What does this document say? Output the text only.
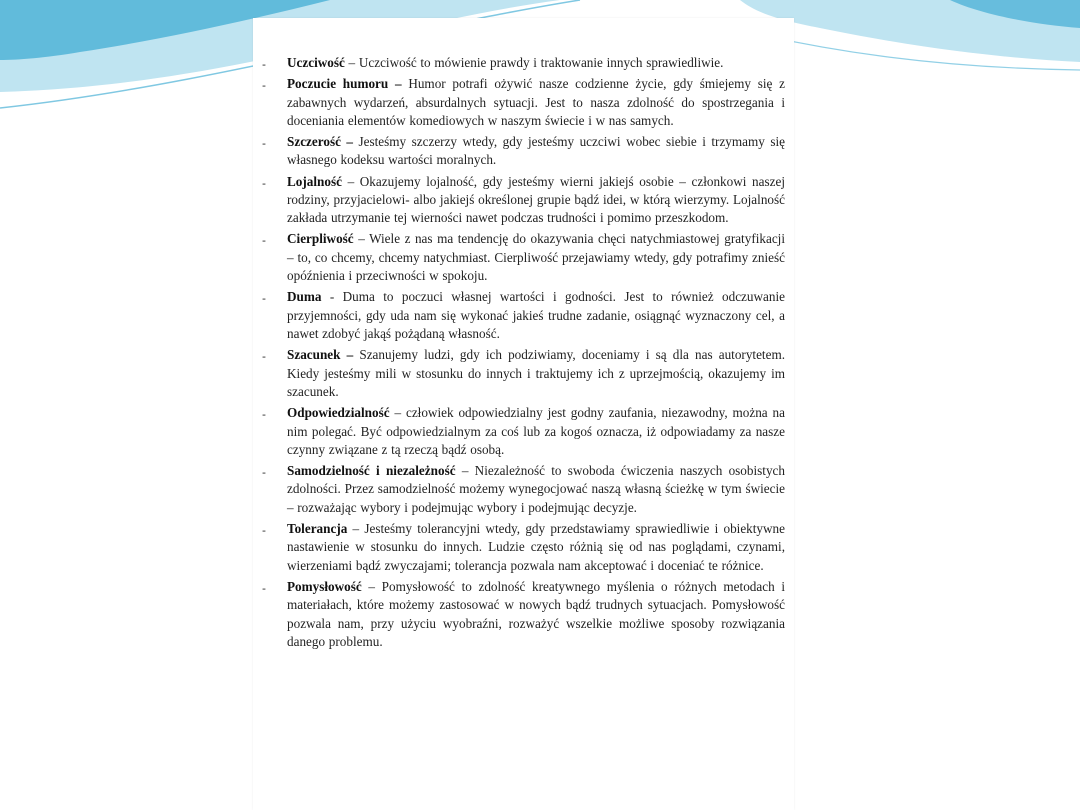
- Uczciwość – Uczciwość to mówienie prawdy i traktowanie innych sprawiedliwie.
- Poczucie humoru – Humor potrafi ożywić nasze codzienne życie, gdy śmiejemy się z zabawnych wydarzeń, absurdalnych sytuacji. Jest to nasza zdolność do spostrzegania i doceniania elementów komediowych w naszym świecie i w nas samych.
- Szczerość – Jesteśmy szczerzy wtedy, gdy jesteśmy uczciwi wobec siebie i trzymamy się własnego kodeksu wartości moralnych.
- Lojalność – Okazujemy lojalność, gdy jesteśmy wierni jakiejś osobie – członkowi naszej rodziny, przyjacielowi- albo jakiejś określonej grupie bądź idei, w którą wierzymy. Lojalność zakłada utrzymanie tej wierności nawet podczas trudności i pomimo przeszkodom.
- Cierpliwość – Wiele z nas ma tendencję do okazywania chęci natychmiastowej gratyfikacji – to, co chcemy, chcemy natychmiast. Cierpliwość przejawiamy wtedy, gdy potrafimy znieść opóźnienia i przeciwności w spokoju.
- Duma - Duma to poczuci własnej wartości i godności. Jest to również odczuwanie przyjemności, gdy uda nam się wykonać jakieś trudne zadanie, osiągnąć wyznaczony cel, a nawet zdobyć jakąś pożądaną własność.
- Szacunek – Szanujemy ludzi, gdy ich podziwiamy, doceniamy i są dla nas autorytetem. Kiedy jesteśmy mili w stosunku do innych i traktujemy ich z uprzejmością, okazujemy im szacunek.
- Odpowiedzialność – człowiek odpowiedzialny jest godny zaufania, niezawodny, można na nim polegać. Być odpowiedzialnym za coś lub za kogoś oznacza, iż odpowiadamy za nasze czynny związane z tą rzeczą bądź osobą.
- Samodzielność i niezależność – Niezależność to swoboda ćwiczenia naszych osobistych zdolności. Przez samodzielność możemy wynegocjować naszą własną ścieżkę w tym świecie – rozważając wybory i podejmując wybory i podejmując decyzje.
- Tolerancja – Jesteśmy tolerancyjni wtedy, gdy przedstawiamy sprawiedliwie i obiektywne nastawienie w stosunku do innych. Ludzie często różnią się od nas poglądami, czynami, wierzeniami bądź zwyczajami; tolerancja pozwala nam akceptować i doceniać te różnice.
- Pomysłowość – Pomysłowość to zdolność kreatywnego myślenia o różnych metodach i materiałach, które możemy zastosować w nowych bądź trudnych sytuacjach. Pomysłowość pozwala nam, przy użyciu wyobraźni, rozważyć wszelkie możliwe sposoby rozwiązania danego problemu.
